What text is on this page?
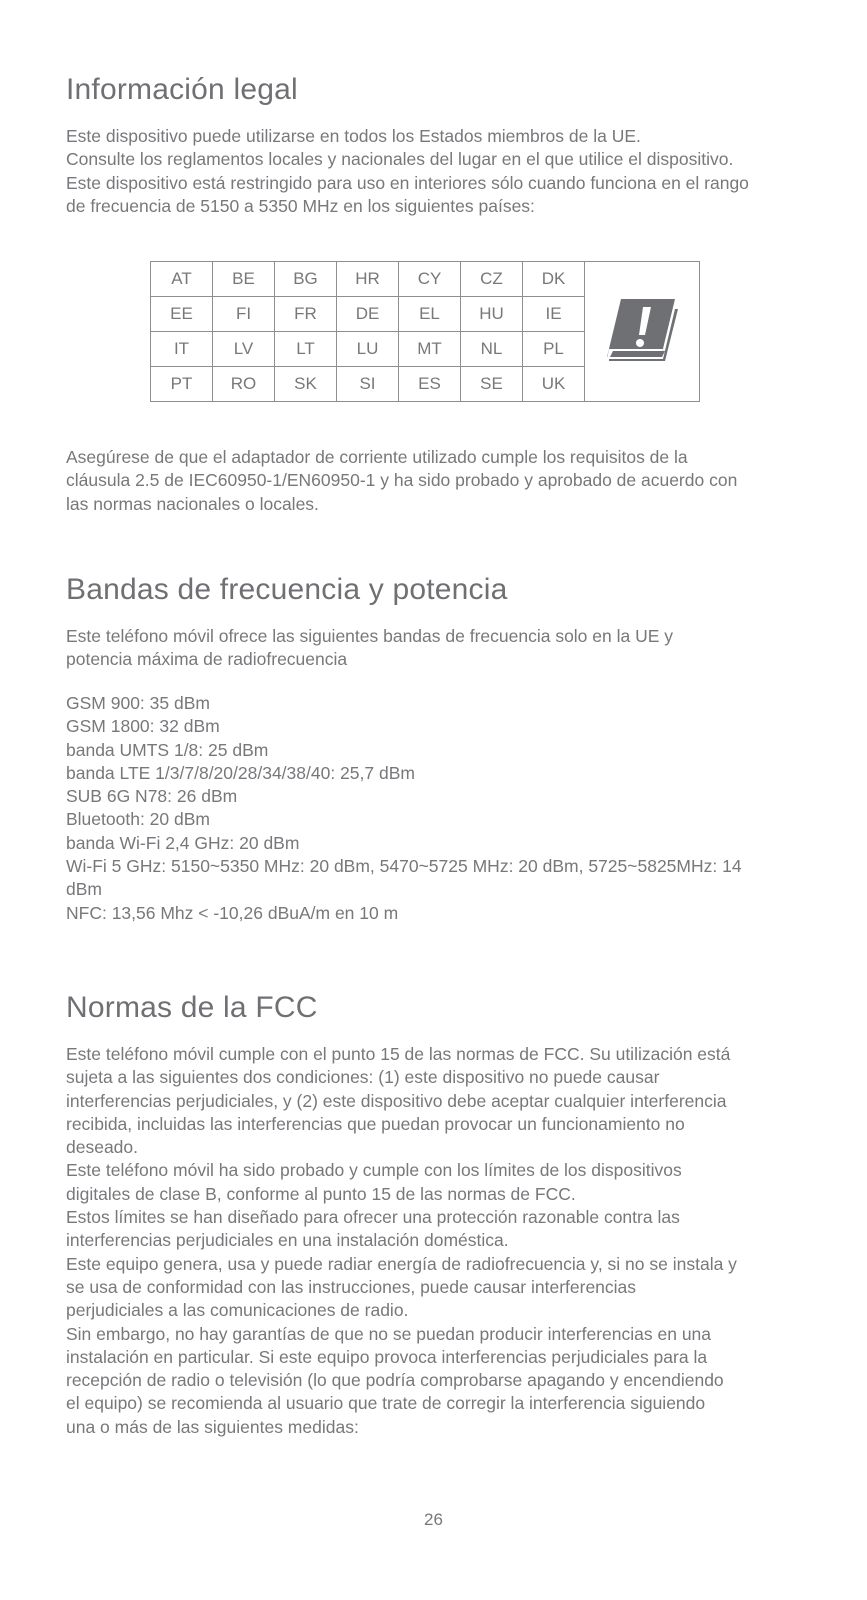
Información legal
Este dispositivo puede utilizarse en todos los Estados miembros de la UE.
Consulte los reglamentos locales y nacionales del lugar en el que utilice el dispositivo.
Este dispositivo está restringido para uso en interiores sólo cuando funciona en el rango
de frecuencia de 5150 a 5350 MHz en los siguientes países:
AT	BE	BG	HR	CY	CZ	DK	
EE	FI	FR	DE	EL	HU	IE	
IT	LV	LT	LU	MT	NL	PL	
PT	RO	SK	SI	ES	SE	UK	
Asegúrese de que el adaptador de corriente utilizado cumple los requisitos de la
cláusula 2.5 de IEC60950-1/EN60950-1 y ha sido probado y aprobado de acuerdo con
las normas nacionales o locales.
Bandas de frecuencia y potencia
Este teléfono móvil ofrece las siguientes bandas de frecuencia solo en la UE y
potencia máxima de radiofrecuencia
GSM 900: 35 dBm
GSM 1800: 32 dBm
banda UMTS 1/8: 25 dBm
banda LTE 1/3/7/8/20/28/34/38/40: 25,7 dBm
SUB 6G N78: 26 dBm
Bluetooth: 20 dBm
banda Wi-Fi 2,4 GHz: 20 dBm
Wi-Fi 5 GHz: 5150~5350 MHz: 20 dBm, 5470~5725 MHz: 20 dBm, 5725~5825MHz: 14
dBm
NFC: 13,56 Mhz < -10,26 dBuA/m en 10 m
Normas de la FCC
Este teléfono móvil cumple con el punto 15 de las normas de FCC. Su utilización está
sujeta a las siguientes dos condiciones: (1) este dispositivo no puede causar
interferencias perjudiciales, y (2) este dispositivo debe aceptar cualquier interferencia
recibida, incluidas las interferencias que puedan provocar un funcionamiento no
deseado.
Este teléfono móvil ha sido probado y cumple con los límites de los dispositivos
digitales de clase B, conforme al punto 15 de las normas de FCC.
Estos límites se han diseñado para ofrecer una protección razonable contra las
interferencias perjudiciales en una instalación doméstica.
Este equipo genera, usa y puede radiar energía de radiofrecuencia y, si no se instala y
se usa de conformidad con las instrucciones, puede causar interferencias
perjudiciales a las comunicaciones de radio.
Sin embargo, no hay garantías de que no se puedan producir interferencias en una
instalación en particular. Si este equipo provoca interferencias perjudiciales para la
recepción de radio o televisión (lo que podría comprobarse apagando y encendiendo
el equipo) se recomienda al usuario que trate de corregir la interferencia siguiendo
una o más de las siguientes medidas:
26
